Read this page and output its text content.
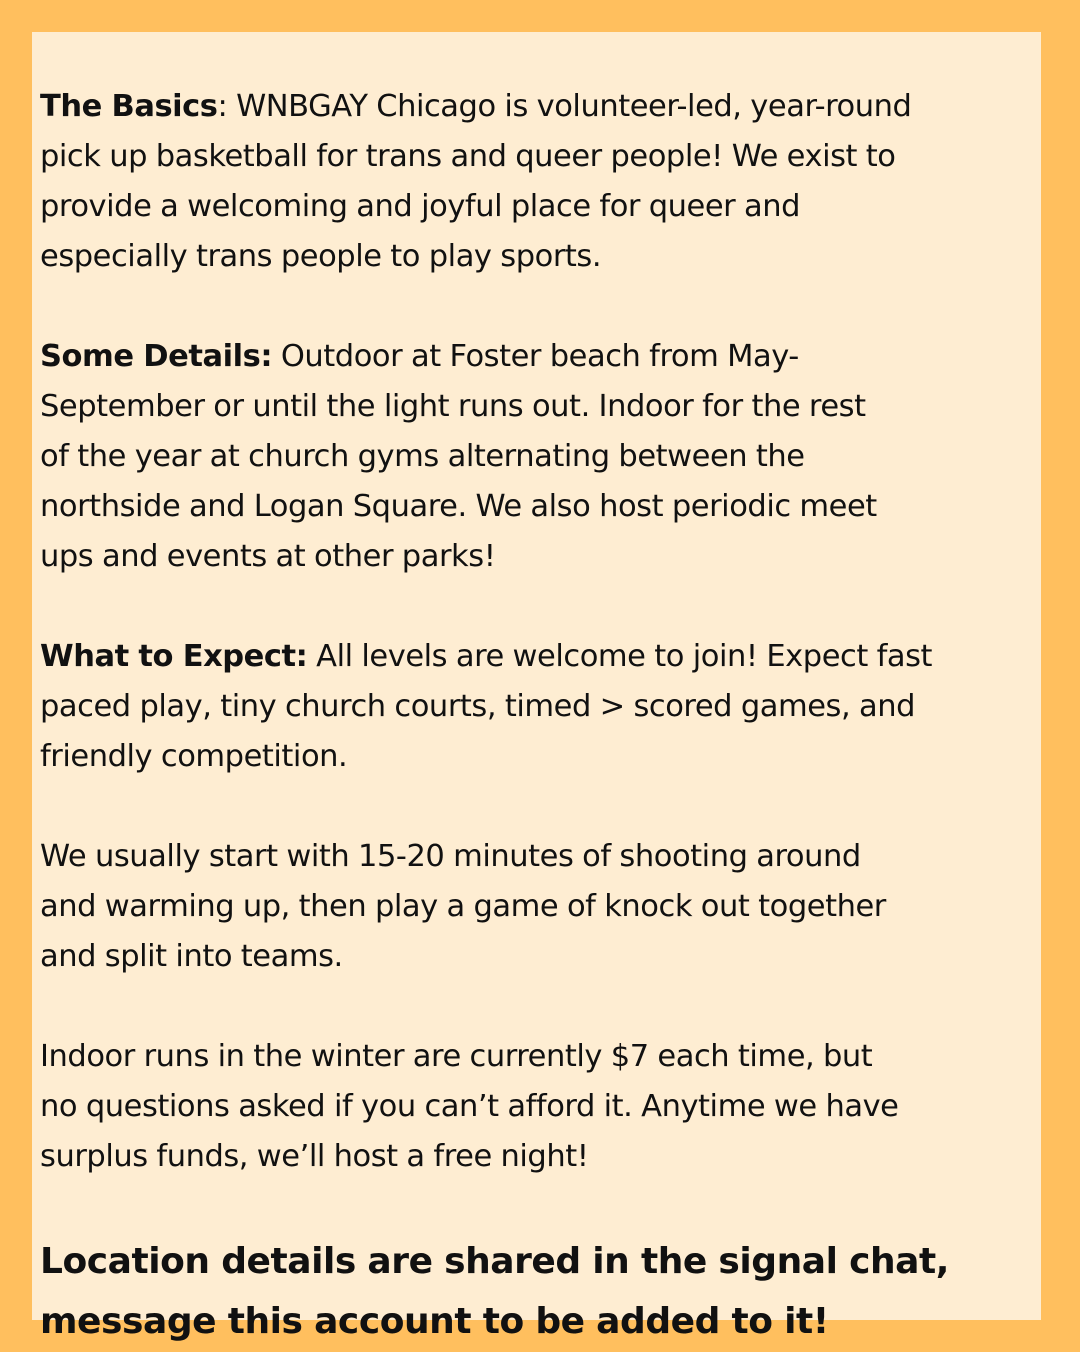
The Basics: WNBGAY Chicago is volunteer-led, year-round
pick up basketball for trans and queer people! We exist to
provide a welcoming and joyful place for queer and
especially trans people to play sports.
Some Details: Outdoor at Foster beach from May-
September or until the light runs out. Indoor for the rest
of the year at church gyms alternating between the
northside and Logan Square. We also host periodic meet
ups and events at other parks!
What to Expect: All levels are welcome to join! Expect fast
paced play, tiny church courts, timed > scored games, and
friendly competition.
We usually start with 15-20 minutes of shooting around
and warming up, then play a game of knock out together
and split into teams.
Indoor runs in the winter are currently $7 each time, but
no questions asked if you can’t afford it. Anytime we have
surplus funds, we’ll host a free night!
Location details are shared in the signal chat,
message this account to be added to it!
